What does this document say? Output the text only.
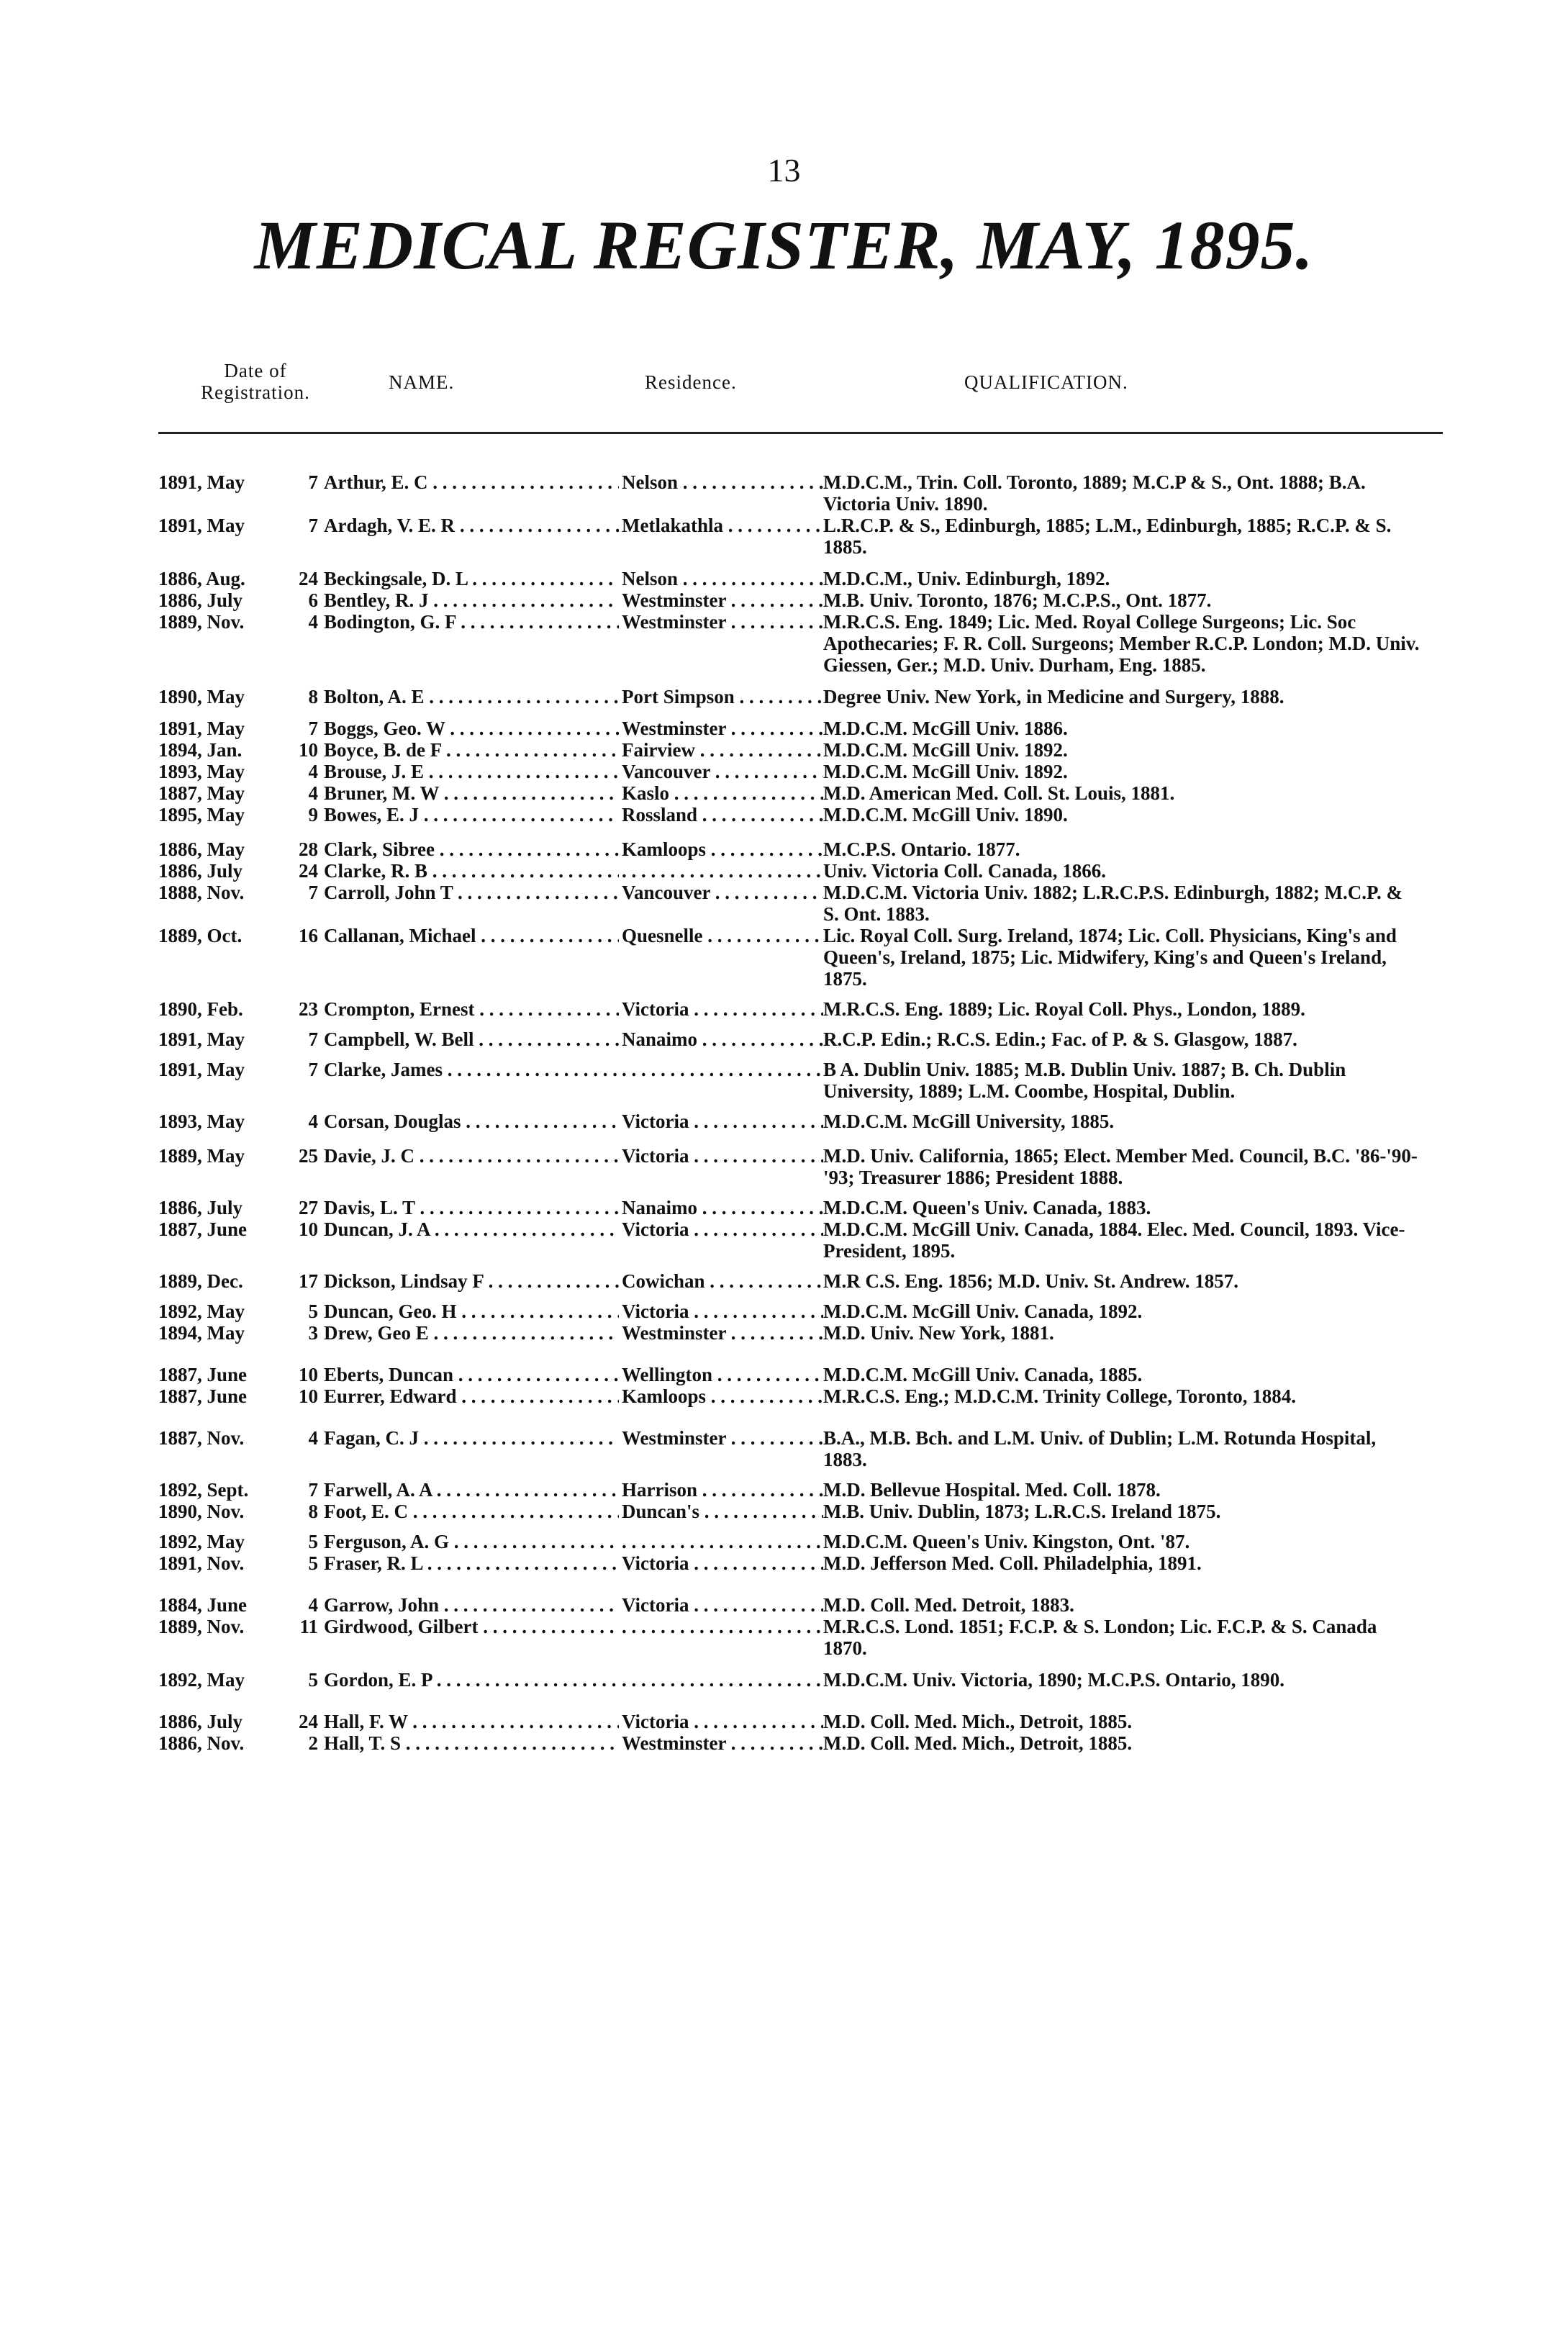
13
MEDICAL REGISTER, MAY, 1895.
Date of Registration.	NAME.	Residence.	QUALIFICATION.
1891, May	7 Arthur, E. C . . .	Nelson . . .	M.D.C.M., Trin. Coll. Toronto, 1889; M.C.P & S., Ont. 1888; B.A. Victoria Univ. 1890.
1891, May	7 Ardagh, V. E. R . . .	Metlakathla . . .	L.R.C.P. & S., Edinburgh, 1885; L.M., Edinburgh, 1885; R.C.P. & S. 1885.
1886, Aug.	24 Beckingsale, D. L . . .	Nelson . . .	M.D.C.M., Univ. Edinburgh, 1892.
1886, July	6 Bentley, R. J . . .	Westminster . . .	M.B. Univ. Toronto, 1876; M.C.P.S., Ont. 1877.
1889, Nov.	4 Bodington, G. F . . .	Westminster . . .	M.R.C.S. Eng. 1849; Lic. Med. Royal College Surgeons; Lic. Soc Apothecaries; F. R. Coll. Surgeons; Member R.C.P. London; M.D. Univ. Giessen, Ger.; M.D. Univ. Durham, Eng. 1885.
1890, May	8 Bolton, A. E . . .	Port Simpson . . .	Degree Univ. New York, in Medicine and Surgery, 1888.
1891, May	7 Boggs, Geo. W . . .	Westminster . . .	M.D.C.M. McGill Univ. 1886.
1894, Jan.	10 Boyce, B. de F . . .	Fairview . . .	M.D.C.M. McGill Univ. 1892.
1893, May	4 Brouse, J. E . . .	Vancouver . . .	M.D.C.M. McGill Univ. 1892.
1887, May	4 Bruner, M. W . . .	Kaslo . . .	M.D. American Med. Coll. St. Louis, 1881.
1895, May	9 Bowes, E. J . . .	Rossland . . .	M.D.C.M. McGill Univ. 1890.
1886, May	28 Clark, Sibree . . .	Kamloops . . .	M.C.P.S. Ontario. 1877.
1886, July	24 Clarke, R. B . . . . . .	Univ. Victoria Coll. Canada, 1866.
1888, Nov.	7 Carroll, John T . . .	Vancouver . . .	M.D.C.M. Victoria Univ. 1882; L.R.C.P.S. Edinburgh, 1882; M.C.P. & S. Ont. 1883.
1889, Oct.	16 Callanan, Michael . . .	Quesnelle . . .	Lic. Royal Coll. Surg. Ireland, 1874; Lic. Coll. Physicians, King's and Queen's, Ireland, 1875; Lic. Midwifery, King's and Queen's Ireland, 1875.
1890, Feb.	23 Crompton, Ernest . . .	Victoria . . .	M.R.C.S. Eng. 1889; Lic. Royal Coll. Phys., London, 1889.
1891, May	7 Campbell, W. Bell . . .	Nanaimo . . .	R.C.P. Edin.; R.C.S. Edin.; Fac. of P. & S. Glasgow, 1887.
1891, May	7 Clarke, James . . . . . .	B A. Dublin Univ. 1885; M.B. Dublin Univ. 1887; B. Ch. Dublin University, 1889; L.M. Coombe, Hospital, Dublin.
1893, May	4 Corsan, Douglas . . .	Victoria . . .	M.D.C.M. McGill University, 1885.
1889, May	25 Davie, J. C . . .	Victoria . . .	M.D. Univ. California, 1865; Elect. Member Med. Council, B.C. '86-'90-'93; Treasurer 1886; President 1888.
1886, July	27 Davis, L. T . . .	Nanaimo . . .	M.D.C.M. Queen's Univ. Canada, 1883.
1887, June	10 Duncan, J. A . . .	Victoria . . .	M.D.C.M. McGill Univ. Canada, 1884. Elec. Med. Council, 1893. Vice-President, 1895.
1889, Dec.	17 Dickson, Lindsay F . . .	Cowichan . . .	M.R C.S. Eng. 1856; M.D. Univ. St. Andrew. 1857.
1892, May	5 Duncan, Geo. H . . .	Victoria . . .	M.D.C.M. McGill Univ. Canada, 1892.
1894, May	3 Drew, Geo E . . .	Westminster . . .	M.D. Univ. New York, 1881.
1887, June	10 Eberts, Duncan . . .	Wellington . . .	M.D.C.M. McGill Univ. Canada, 1885.
1887, June	10 Eurrer, Edward . . .	Kamloops . . .	M.R.C.S. Eng.; M.D.C.M. Trinity College, Toronto, 1884.
1887, Nov.	4 Fagan, C. J . . .	Westminster . . .	B.A., M.B. Bch. and L.M. Univ. of Dublin; L.M. Rotunda Hospital, 1883.
1892, Sept.	7 Farwell, A. A . . .	Harrison . . .	M.D. Bellevue Hospital. Med. Coll. 1878.
1890, Nov.	8 Foot, E. C . . .	Duncan's . . .	M.B. Univ. Dublin, 1873; L.R.C.S. Ireland 1875.
1892, May	5 Ferguson, A. G . . . . . .	M.D.C.M. Queen's Univ. Kingston, Ont. '87.
1891, Nov.	5 Fraser, R. L . . .	Victoria . . .	M.D. Jefferson Med. Coll. Philadelphia, 1891.
1884, June	4 Garrow, John . . .	Victoria . . .	M.D. Coll. Med. Detroit, 1883.
1889, Nov.	11 Girdwood, Gilbert . . . . . .	M.R.C.S. Lond. 1851; F.C.P. & S. London; Lic. F.C.P. & S. Canada 1870.
1892, May	5 Gordon, E. P . . . . . .	M.D.C.M. Univ. Victoria, 1890; M.C.P.S. Ontario, 1890.
1886, July	24 Hall, F. W . . .	Victoria . . .	M.D. Coll. Med. Mich., Detroit, 1885.
1886, Nov.	2 Hall, T. S . . .	Westminster . . .	M.D. Coll. Med. Mich., Detroit, 1885.
